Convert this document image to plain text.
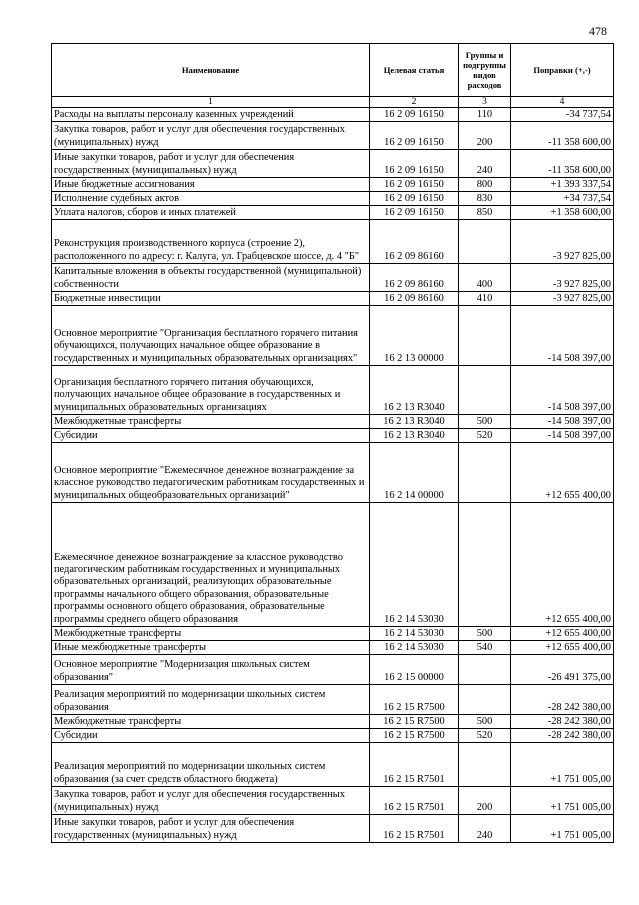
478
Наименование	Целевая статья	Группы и подгруппы видов расходов	Поправки (+,-)
1	2	3	4
Расходы на выплаты персоналу казенных учреждений	16 2 09 16150	110	-34 737,54
Закупка товаров, работ и услуг для обеспечения государственных (муниципальных) нужд	16 2 09 16150	200	-11 358 600,00
Иные закупки товаров, работ и услуг для обеспечения государственных (муниципальных) нужд	16 2 09 16150	240	-11 358 600,00
Иные бюджетные ассигнования	16 2 09 16150	800	+1 393 337,54
Исполнение судебных актов	16 2 09 16150	830	+34 737,54
Уплата налогов, сборов и иных платежей	16 2 09 16150	850	+1 358 600,00
Реконструкция производственного корпуса (строение 2), расположенного по адресу: г. Калуга, ул. Грабцевское шоссе, д. 4 "Б"	16 2 09 86160		-3 927 825,00
Капитальные вложения в объекты государственной (муниципальной) собственности	16 2 09 86160	400	-3 927 825,00
Бюджетные инвестиции	16 2 09 86160	410	-3 927 825,00
Основное мероприятие "Организация бесплатного горячего питания обучающихся, получающих начальное общее образование в государственных и муниципальных образовательных организациях"	16 2 13 00000		-14 508 397,00
Организация бесплатного горячего питания обучающихся, получающих начальное общее образование в государственных и муниципальных образовательных организациях	16 2 13 R3040		-14 508 397,00
Межбюджетные трансферты	16 2 13 R3040	500	-14 508 397,00
Субсидии	16 2 13 R3040	520	-14 508 397,00
Основное мероприятие "Ежемесячное денежное вознаграждение за классное руководство педагогическим работникам государственных и муниципальных общеобразовательных организаций"	16 2 14 00000		+12 655 400,00
Ежемесячное денежное вознаграждение за классное руководство педагогическим работникам государственных и муниципальных образовательных организаций, реализующих образовательные программы начального общего образования, образовательные программы основного общего образования, образовательные программы среднего общего образования	16 2 14 53030		+12 655 400,00
Межбюджетные трансферты	16 2 14 53030	500	+12 655 400,00
Иные межбюджетные трансферты	16 2 14 53030	540	+12 655 400,00
Основное мероприятие "Модернизация школьных систем образования"	16 2 15 00000		-26 491 375,00
Реализация мероприятий по модернизации школьных систем образования	16 2 15 R7500		-28 242 380,00
Межбюджетные трансферты	16 2 15 R7500	500	-28 242 380,00
Субсидии	16 2 15 R7500	520	-28 242 380,00
Реализация мероприятий по модернизации школьных систем образования (за счет средств областного бюджета)	16 2 15 R7501		+1 751 005,00
Закупка товаров, работ и услуг для обеспечения государственных (муниципальных) нужд	16 2 15 R7501	200	+1 751 005,00
Иные закупки товаров, работ и услуг для обеспечения государственных (муниципальных) нужд	16 2 15 R7501	240	+1 751 005,00
